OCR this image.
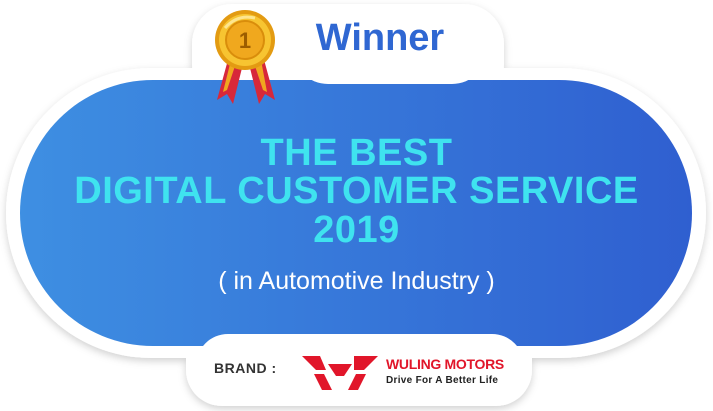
Winner
1
THE BEST
DIGITAL CUSTOMER SERVICE
2019
( in Automotive Industry )
BRAND :	WULING MOTORS
Drive For A Better Life
